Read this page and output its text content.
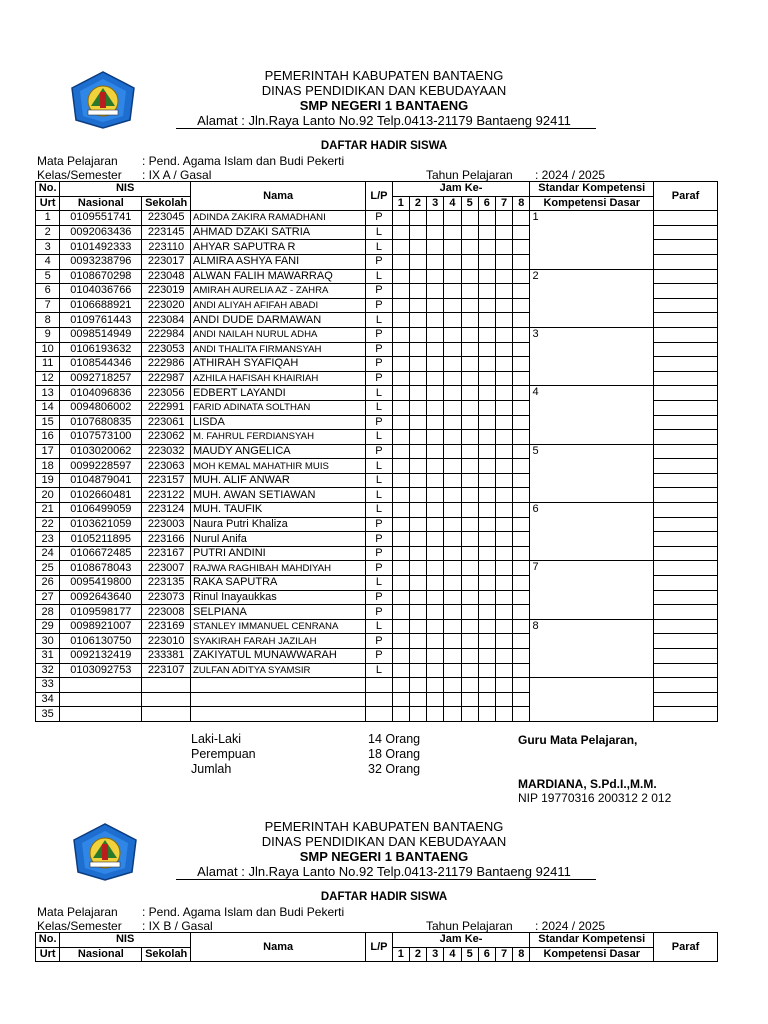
PEMERINTAH KABUPATEN BANTAENG
DINAS PENDIDIKAN DAN KEBUDAYAAN
SMP NEGERI 1 BANTAENG
Alamat : Jln.Raya Lanto No.92 Telp.0413-21179 Bantaeng 92411
DAFTAR HADIR SISWA
Mata Pelajaran : Pend. Agama Islam dan Budi Pekerti
Kelas/Semester : IX A / Gasal	Tahun Pelajaran : 2024 / 2025
No.	NIS		Nama	L/P	Jam Ke-								Standar Kompetensi	Paraf
Urt	Nasional	Sekolah			1	2	3	4	5	6	7	8	Kompetensi Dasar	
1	0109551741	223045	ADINDA ZAKIRA RAMADHANI	P									1	
2	0092063436	223145	AHMAD DZAKI SATRIA	L										
3	0101492333	223110	AHYAR SAPUTRA R	L										
4	0093238796	223017	ALMIRA ASHYA FANI	P										
5	0108670298	223048	ALWAN FALIH MAWARRAQ	L									2	
6	0104036766	223019	AMIRAH AURELIA AZ - ZAHRA	P										
7	0106688921	223020	ANDI ALIYAH AFIFAH ABADI	P										
8	0109761443	223084	ANDI DUDE DARMAWAN	L										
9	0098514949	222984	ANDI NAILAH NURUL ADHA	P									3	
10	0106193632	223053	ANDI THALITA FIRMANSYAH	P										
11	0108544346	222986	ATHIRAH SYAFIQAH	P										
12	0092718257	222987	AZHILA HAFISAH KHAIRIAH	P										
13	0104096836	223056	EDBERT LAYANDI	L									4	
14	0094806002	222991	FARID ADINATA SOLTHAN	L										
15	0107680835	223061	LISDA	P										
16	0107573100	223062	M. FAHRUL FERDIANSYAH	L										
17	0103020062	223032	MAUDY ANGELICA	P									5	
18	0099228597	223063	MOH KEMAL MAHATHIR MUIS	L										
19	0104879041	223157	MUH. ALIF ANWAR	L										
20	0102660481	223122	MUH. AWAN SETIAWAN	L										
21	0106499059	223124	MUH. TAUFIK	L									6	
22	0103621059	223003	Naura Putri Khaliza	P										
23	0105211895	223166	Nurul Anifa	P										
24	0106672485	223167	PUTRI ANDINI	P										
25	0108678043	223007	RAJWA RAGHIBAH MAHDIYAH	P									7	
26	0095419800	223135	RAKA SAPUTRA	L										
27	0092643640	223073	Rinul Inayaukkas	P										
28	0109598177	223008	SELPIANA	P										
29	0098921007	223169	STANLEY IMMANUEL CENRANA	L									8	
30	0106130750	223010	SYAKIRAH FARAH JAZILAH	P										
31	0092132419	233381	ZAKIYATUL MUNAWWARAH	P										
32	0103092753	223107	ZULFAN ADITYA SYAMSIR	L										
33														
34														
35														
Laki-Laki	14 Orang
Perempuan	18 Orang
Jumlah	32 Orang
Guru Mata Pelajaran,
MARDIANA, S.Pd.I.,M.M.
NIP 19770316 200312 2 012
PEMERINTAH KABUPATEN BANTAENG
DINAS PENDIDIKAN DAN KEBUDAYAAN
SMP NEGERI 1 BANTAENG
Alamat : Jln.Raya Lanto No.92 Telp.0413-21179 Bantaeng 92411
DAFTAR HADIR SISWA
Mata Pelajaran : Pend. Agama Islam dan Budi Pekerti
Kelas/Semester : IX B / Gasal	Tahun Pelajaran : 2024 / 2025
No.	NIS		Nama	L/P	Jam Ke-								Standar Kompetensi	Paraf
Urt	Nasional	Sekolah			1	2	3	4	5	6	7	8	Kompetensi Dasar	
